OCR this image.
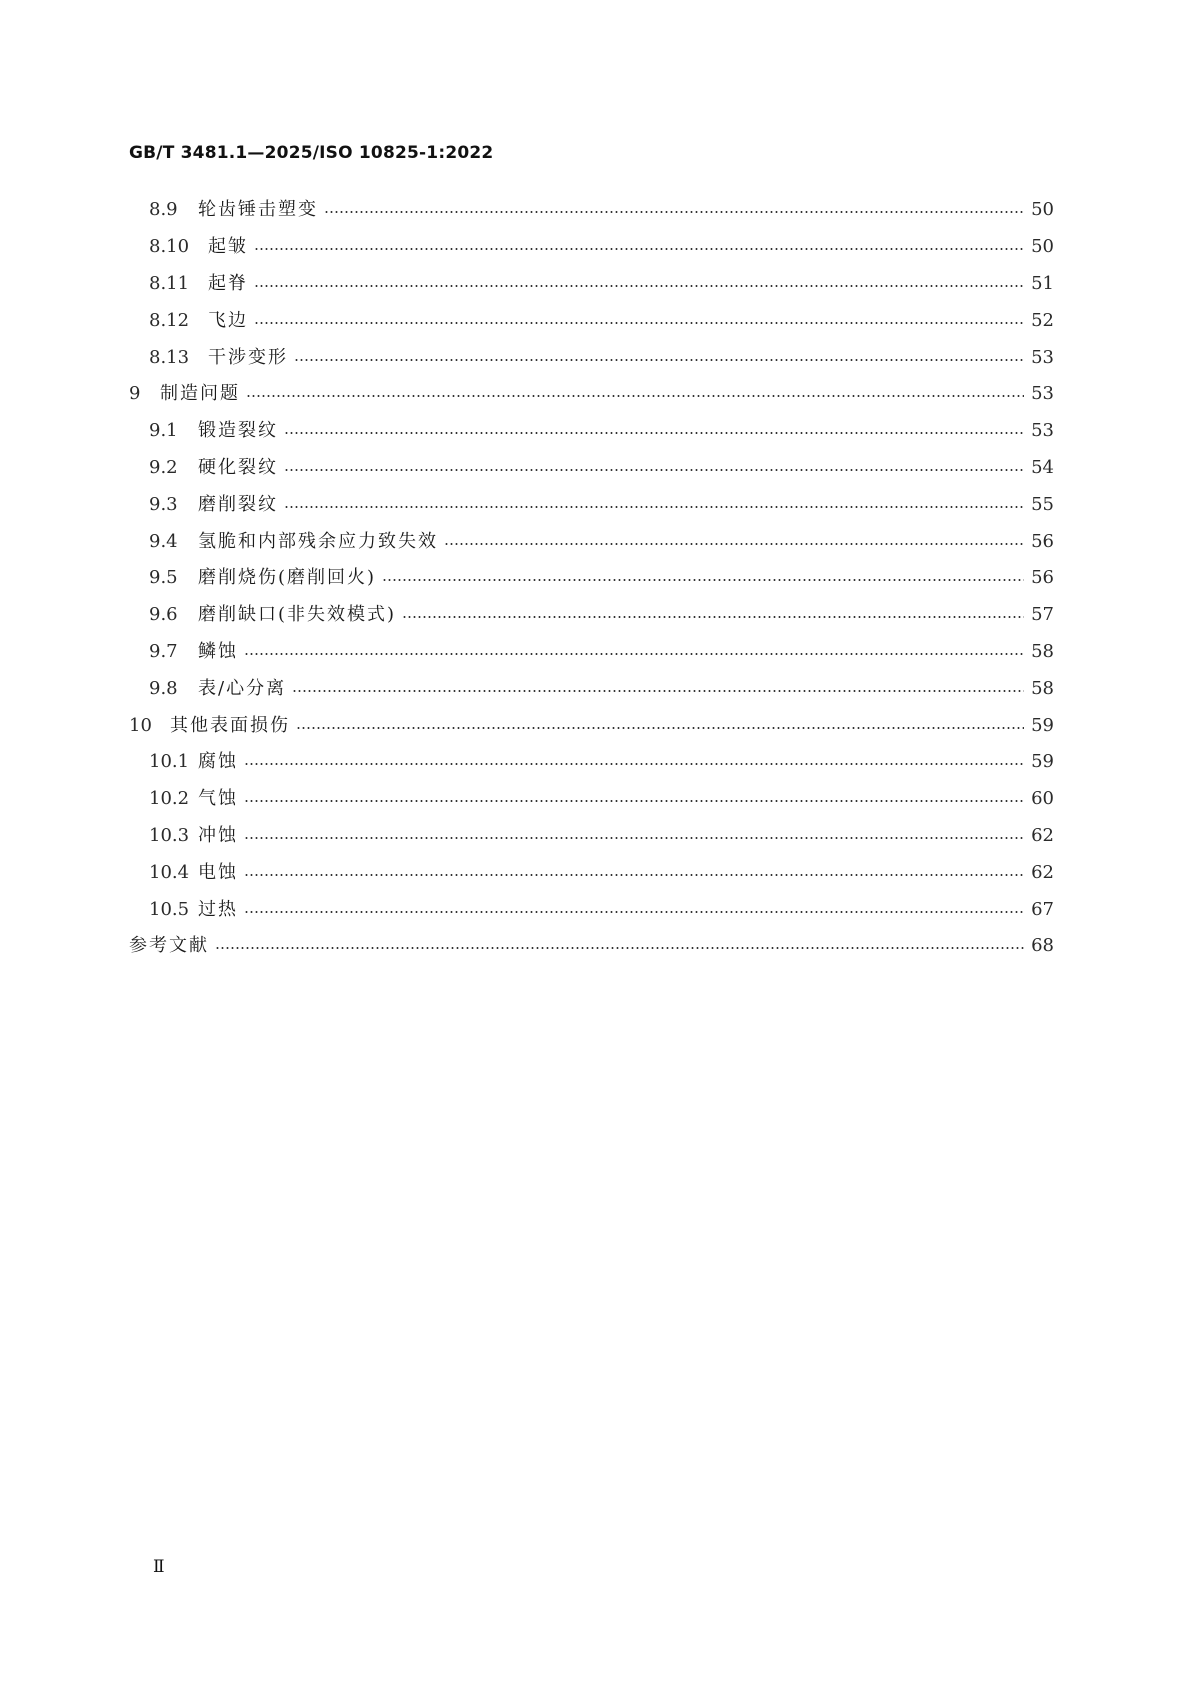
GB/T 3481.1—2025/ISO 10825-1:2022
8.9	轮齿锤击塑变	50
8.10	起皱	50
8.11	起脊	51
8.12	飞边	52
8.13	干涉变形	53
9	制造问题	53
9.1	锻造裂纹	53
9.2	硬化裂纹	54
9.3	磨削裂纹	55
9.4	氢脆和内部残余应力致失效	56
9.5	磨削烧伤(磨削回火)	56
9.6	磨削缺口(非失效模式)	57
9.7	鳞蚀	58
9.8	表/心分离	58
10	其他表面损伤	59
10.1 腐蚀	59
10.2 气蚀	60
10.3 冲蚀	62
10.4 电蚀	62
10.5 过热	67
参考文献	68
Ⅱ
